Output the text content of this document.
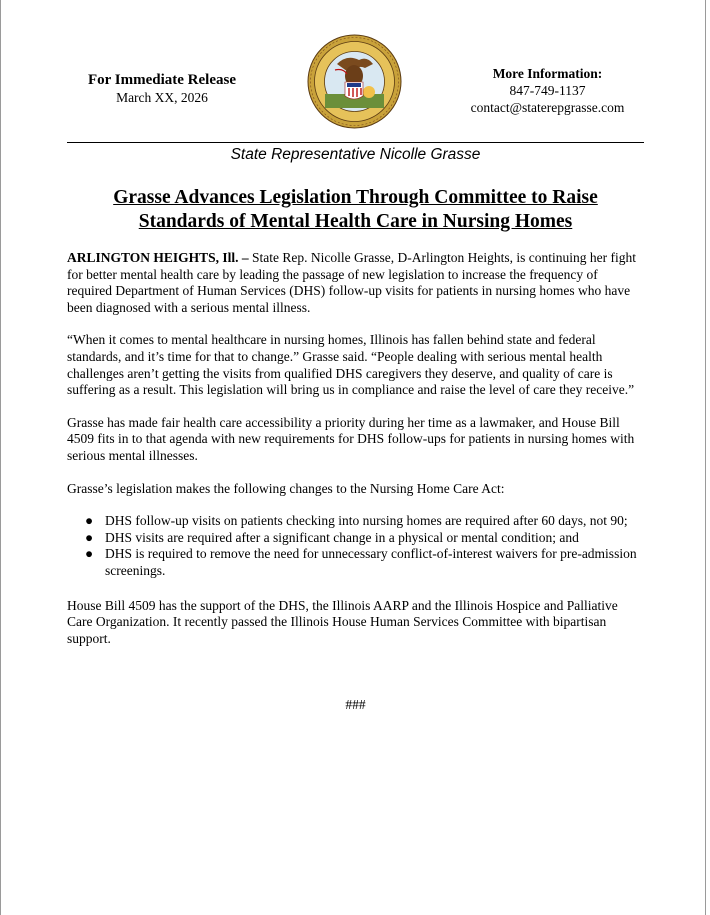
For Immediate Release
March XX, 2026
More Information:
847-749-1137
contact@staterepgrasse.com
State Representative Nicolle Grasse
Grasse Advances Legislation Through Committee to Raise
Standards of Mental Health Care in Nursing Homes

ARLINGTON HEIGHTS, Ill. – State Rep. Nicolle Grasse, D-Arlington Heights, is continuing her fight for better mental health care by leading the passage of new legislation to increase the frequency of required Department of Human Services (DHS) follow-up visits for patients in nursing homes who have been diagnosed with a serious mental illness.

“When it comes to mental healthcare in nursing homes, Illinois has fallen behind state and federal standards, and it’s time for that to change.” Grasse said. “People dealing with serious mental health challenges aren’t getting the visits from qualified DHS caregivers they deserve, and quality of care is suffering as a result. This legislation will bring us in compliance and raise the level of care they receive.”

Grasse has made fair health care accessibility a priority during her time as a lawmaker, and House Bill 4509 fits in to that agenda with new requirements for DHS follow-ups for patients in nursing homes with serious mental illnesses.

Grasse’s legislation makes the following changes to the Nursing Home Care Act:

● DHS follow-up visits on patients checking into nursing homes are required after 60 days, not 90;
● DHS visits are required after a significant change in a physical or mental condition; and
● DHS is required to remove the need for unnecessary conflict-of-interest waivers for pre-admission screenings.

House Bill 4509 has the support of the DHS, the Illinois AARP and the Illinois Hospice and Palliative Care Organization. It recently passed the Illinois House Human Services Committee with bipartisan support.

###
